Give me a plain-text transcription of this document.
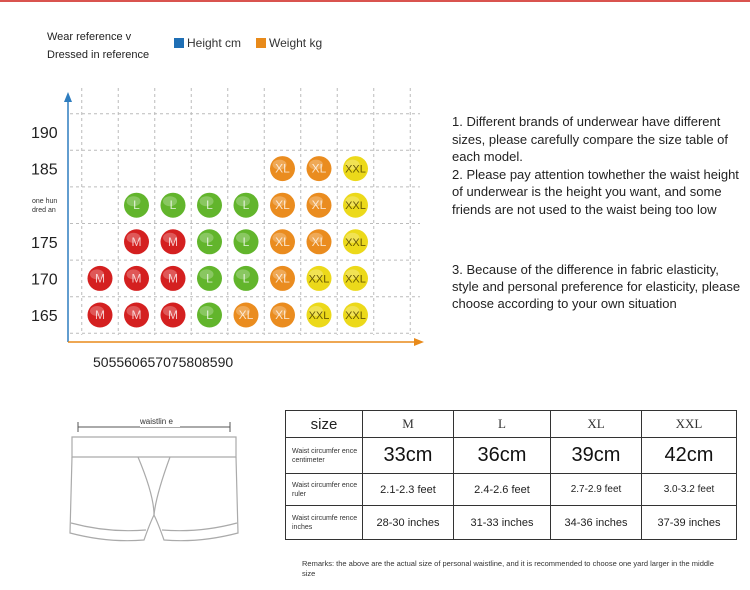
Wear reference v
Dressed in reference
Height cm Weight kg
165
170
175
one hun
dred an
185
190
505560657075808590
M M M L XL XL XXL XXL
M M M L L XL XXL XXL
M M L L XL XL XXL
L L L L XL XL XXL
XL XL XXL

1. Different brands of underwear have different sizes, please carefully compare the size table of each model.

2. Please pay attention towhether the waist height of underwear is the height you want, and some friends are not used to the waist being too low

3. Because of the difference in fabric elasticity, style and personal preference for elasticity, please choose according to your own situation

waistlin e	size	M	L	XL	XXL
Waist circumfer ence centimeter	33cm	36cm	39cm	42cm
Waist circumfer ence ruler	2.1-2.3 feet	2.4-2.6 feet	2.7-2.9 feet	3.0-3.2 feet
Waist circumfe rence inches	28-30 inches	31-33 inches	34-36 inches	37-39 inches
Remarks: the above are the actual size of personal waistline, and it is recommended to choose one yard larger in the middle size
